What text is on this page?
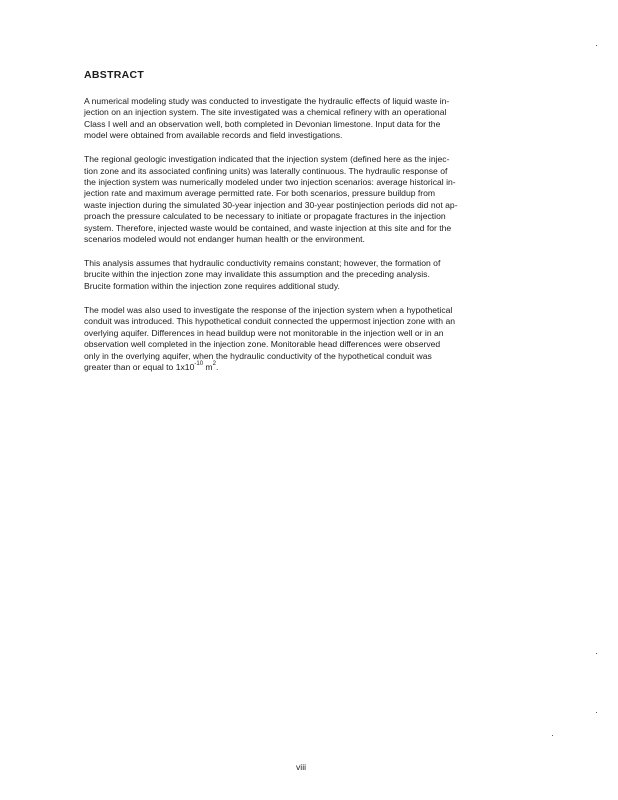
ABSTRACT

A numerical modeling study was conducted to investigate the hydraulic effects of liquid waste in-
jection on an injection system. The site investigated was a chemical refinery with an operational
Class I well and an observation well, both completed in Devonian limestone. Input data for the
model were obtained from available records and field investigations.

The regional geologic investigation indicated that the injection system (defined here as the injec-
tion zone and its associated confining units) was laterally continuous. The hydraulic response of
the injection system was numerically modeled under two injection scenarios: average historical in-
jection rate and maximum average permitted rate. For both scenarios, pressure buildup from
waste injection during the simulated 30-year injection and 30-year postinjection periods did not ap-
proach the pressure calculated to be necessary to initiate or propagate fractures in the injection
system. Therefore, injected waste would be contained, and waste injection at this site and for the
scenarios modeled would not endanger human health or the environment.

This analysis assumes that hydraulic conductivity remains constant; however, the formation of
brucite within the injection zone may invalidate this assumption and the preceding analysis.
Brucite formation within the injection zone requires additional study.

The model was also used to investigate the response of the injection system when a hypothetical
conduit was introduced. This hypothetical conduit connected the uppermost injection zone with an
overlying aquifer. Differences in head buildup were not monitorable in the injection well or in an
observation well completed in the injection zone. Monitorable head differences were observed
only in the overlying aquifer, when the hydraulic conductivity of the hypothetical conduit was
greater than or equal to $1x10^{-10}$ $m^2$.

viii
